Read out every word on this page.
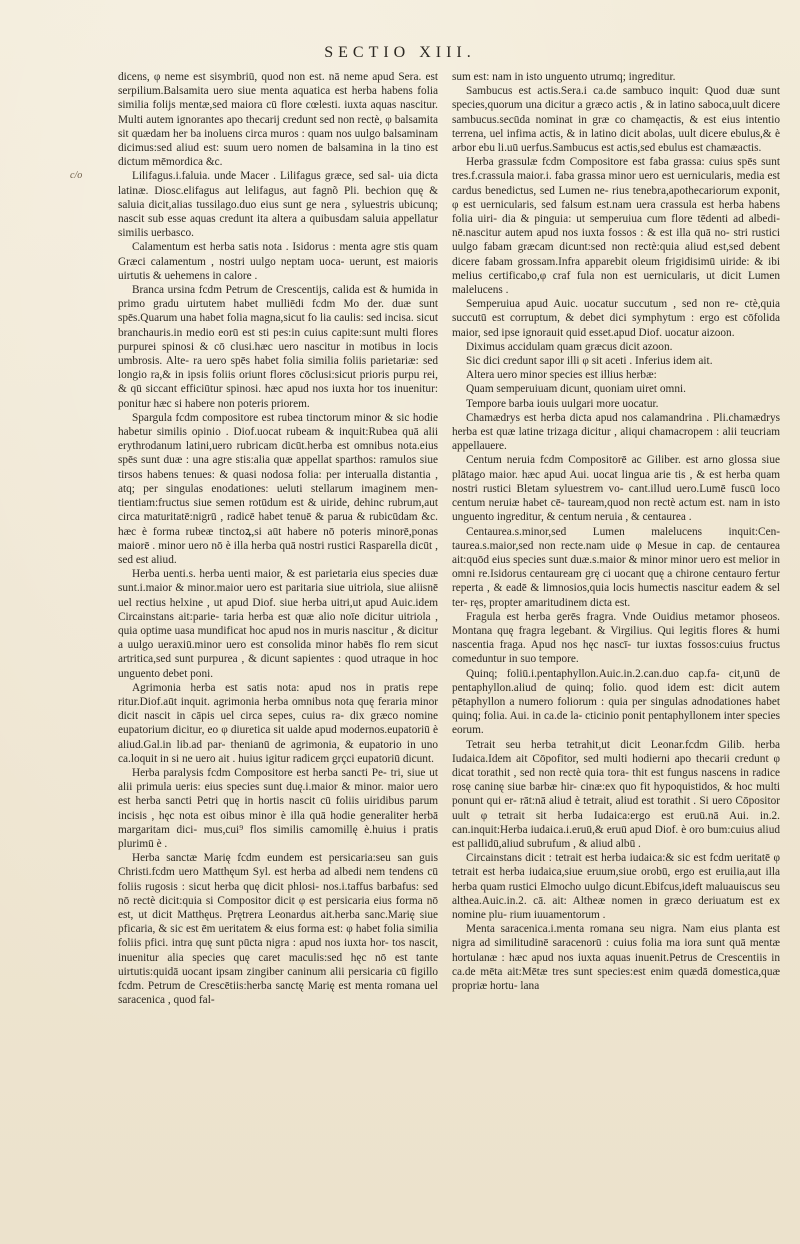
SECTIO XIII.
c/o

dicens, φ neme est sisymbriū, quod non est. nā neme apud Sera. est serpilium.Balsamita uero siue menta aquatica est herba habens folia similia folijs mentæ,sed maiora cū flore cœlesti. iuxta aquas nascitur. Multi autem ignorantes apo thecarij credunt sed non rectè, φ balsamita sit quædam her ba inoluens circa muros : quam nos uulgo balsaminam dicimus:sed aliud est: suum uero nomen de balsamina in la tino est dictum mēmordica &c.

Lilifagus.i.faluia. unde Macer . Lilifagus græce, sed sal- uia dicta latinæ. Diosc.elifagus aut lelifagus, aut fagnõ Pli. bechion quę & saluia dicit,alias tussilago.duo eius sunt ge nera , syluestris ubicunq; nascit sub esse aquas credunt ita altera a quibusdam saluia appellatur similis uerbasco.

Calamentum est herba satis nota . Isidorus : menta agre stis quam Græci calamentum , nostri uulgo neptam uoca- uerunt, est maioris uirtutis & uehemens in calore .

Branca ursina fcdm Petrum de Crescentijs, calida est & humida in primo gradu uirtutem habet mulliēdi fcdm Mo der. duæ sunt spēs.Quarum una habet folia magna,sicut fo lia caulis: sed incisa. sicut branchauris.in medio eorū est sti pes:in cuius capite:sunt multi flores purpurei spinosi & cō clusi.hæc uero nascitur in motibus in locis umbrosis. Alte- ra uero spēs habet folia similia foliis parietariæ: sed longio ra,& in ipsis foliis oriunt flores cōclusi:sicut prioris purpu rei, & qū siccant efficiūtur spinosi. hæc apud nos iuxta hor tos inuenitur: ponitur hæc si habere non poteris priorem.

Spargula fcdm compositore est rubea tinctorum minor & sic hodie habetur similis opinio . Diof.uocat rubeam & inquit:Rubea quā alii erythrodanum latini,uero rubricam dicūt.herba est omnibus nota.eius spēs sunt duæ : una agre stis:alia quæ appellat sparthos: ramulos siue tirsos habens tenues: & quasi nodosa folia: per interualla distantia , atq; per singulas enodationes: ueluti stellarum imaginem men- tientiam:fructus siue semen rotūdum est & uiride, dehinc rubrum,aut circa maturitatē:nigrū , radicē habet tenuē & parua & rubicūdam &c. hæc è forma rubeæ tinctoꝝ,si aūt habere nō poteris minorē,ponas maiorē . minor uero nō è illa herba quā nostri rustici Rasparella dicūt , sed est aliud.

Herba uenti.s. herba uenti maior, & est parietaria eius species duæ sunt.i.maior & minor.maior uero est paritaria siue uitriola, siue aliisnē uel rectius helxine , ut apud Diof. siue herba uitri,ut apud Auic.idem Circainstans ait:parie- taria herba est quæ alio noīe dicitur uitriola , quia optime uasa mundificat hoc apud nos in muris nascitur , & dicitur a uulgo ueraxiū.minor uero est consolida minor habēs flo rem sicut artritica,sed sunt purpurea , & dicunt sapientes : quod utraque in hoc unguento debet poni.

Agrimonia herba est satis nota: apud nos in pratis repe ritur.Diof.aūt inquit. agrimonia herba omnibus nota quę feraria minor dicit nascit in cāpis uel circa sepes, cuius ra- dix græco nomine eupatorium dicitur, eo φ diuretica sit ualde apud modernos.eupatoriū è aliud.Gal.in lib.ad par- thenianū de agrimonia, & eupatorio in uno ca.loquit in si ne uero ait . huius igitur radicem grçci eupatoriū dicunt.

Herba paralysis fcdm Compositore est herba sancti Pe- tri, siue ut alii primula ueris: eius species sunt duę.i.maior & minor. maior uero est herba sancti Petri quę in hortis nascit cū foliis uiridibus parum incisis , hęc nota est oibus minor è illa quā hodie generaliter herbā margaritam dici- mus,cui⁹ flos similis camomillę è.huius i pratis plurimū è .

Herba sanctæ Marię fcdm eundem est persicaria:seu san guis Christi.fcdm uero Matthęum Syl. est herba ad albedi nem tendens cū foliis rugosis : sicut herba quę dicit phlosi- nos.i.taffus barbafus: sed nō rectè dicit:quia si Compositor dicit φ est persicaria eius forma nō est, ut dicit Matthęus. Prętrera Leonardus ait.herba sanc.Marię siue pficaria, & sic est ēm ueritatem & eius forma est: φ habet folia similia foliis pfici. intra quę sunt pūcta nigra : apud nos iuxta hor- tos nascit, inuenitur alia species quę caret maculis:sed hęc nō est tante uirtutis:quidā uocant ipsam zingiber caninum alii persicaria cū figillo fcdm. Petrum de Crescētiis:herba sanctę Marię est menta romana uel saracenica , quod fal-

sum est: nam in isto unguento utrumq; ingreditur.

Sambucus est actis.Sera.i ca.de sambuco inquit: Quod duæ sunt species,quorum una dicitur a græco actis , & in latino saboca,uult dicere sambucus.secūda nominat in græ co chamęactis, & est eius intentio terrena, uel infima actis, & in latino dicit abolas, uult dicere ebulus,& è arbor ebu li.uū uerfus.Sambucus est actis,sed ebulus est chamæactis.

Herba grassulæ fcdm Compositore est faba grassa: cuius spēs sunt tres.f.crassula maior.i. faba grassa minor uero est uernicularis, media est cardus benedictus, sed Lumen ne- rius tenebra,apothecariorum exponit, φ est uernicularis, sed falsum est.nam uera crassula est herba habens folia uiri- dia & pinguia: ut semperuiua cum flore tēdenti ad albedi- nē.nascitur autem apud nos iuxta fossos : & est illa quā no- stri rustici uulgo fabam græcam dicunt:sed non rectè:quia aliud est,sed debent dicere fabam grossam.Infra apparebit oleum frigidisimū uiride: & ibi melius certificabo,φ craf fula non est uernicularis, ut dicit Lumen malelucens .

Semperuiua apud Auic. uocatur succutum , sed non re- ctè,quia succutū est corruptum, & debet dici symphytum : ergo est cōfolida maior, sed ipse ignorauit quid esset.apud Diof. uocatur aizoon.

Diximus accidulam quam græcus dicit azoon.

Sic dici credunt sapor illi φ sit aceti . Inferius idem ait.

Altera uero minor species est illius herbæ:

Quam semperuiuam dicunt, quoniam uiret omni.

Tempore barba iouis uulgari more uocatur.

Chamædrys est herba dicta apud nos calamandrina . Pli.chamædrys herba est quæ latine trizaga dicitur , aliqui chamacropem : alii teucriam appellauere.

Centum neruia fcdm Compositorē ac Giliber. est arno glossa siue plātago maior. hæc apud Aui. uocat lingua arie tis , & est herba quam nostri rustici Bletam syluestrem vo- cant.illud uero.Lumē fuscū loco centum neruiæ habet cē- tauream,quod non rectè actum est. nam in isto unguento ingreditur, & centum neruia , & centaurea .

Centaurea.s.minor,sed Lumen malelucens inquit:Cen- taurea.s.maior,sed non recte.nam uide φ Mesue in cap. de centaurea ait:quōd eius species sunt duæ.s.maior & minor minor uero est melior in omni re.Isidorus centauream grę ci uocant quę a chirone centauro fertur reperta , & eadē & limnosios,quia locis humectis nascitur eadem & sel ter- ręs, propter amaritudinem dicta est.

Fragula est herba gerēs fragra. Vnde Ouidius metamor phoseos. Montana quę fragra legebant. & Virgilius. Qui legitis flores & humi nascentia fraga. Apud nos hęc nascī- tur iuxtas fossos:cuius fructus comeduntur in suo tempore.

Quinq; foliū.i.pentaphyllon.Auic.in.2.can.duo cap.fa- cit,unū de pentaphyllon.aliud de quinq; folio. quod idem est: dicit autem pētaphyllon a numero foliorum : quia per singulas adnodationes habet quinq; folia. Aui. in ca.de la- cticinio ponit pentaphyllonem inter species eorum.

Tetrait seu herba tetrahit,ut dicit Leonar.fcdm Gilib. herba Iudaica.Idem ait Cōpofitor, sed multi hodierni apo thecarii credunt φ dicat torathit , sed non rectè quia tora- thit est fungus nascens in radice rosę caninę siue barbæ hir- cinæ:ex quo fit hypoquistidos, & hoc multi ponunt qui er- rāt:nā aliud è tetrait, aliud est torathit . Si uero Cōpositor uult φ tetrait sit herba Iudaica:ergo est eruū.nā Aui. in.2. can.inquit:Herba iudaica.i.eruū,& eruū apud Diof. è oro bum:cuius aliud est pallidū,aliud subrufum , & aliud albū .

Circainstans dicit : tetrait est herba iudaica:& sic est fcdm ueritatē φ tetrait est herba iudaica,siue eruum,siue orobū, ergo est eruilia,aut illa herba quam rustici Elmocho uulgo dicunt.Ebifcus,ideft maluauiscus seu althea.Auic.in.2. cā. ait: Altheæ nomen in græco deriuatum est ex nomine plu- rium iuuamentorum .

Menta saracenica.i.menta romana seu nigra. Nam eius planta est nigra ad similitudinē saracenorū : cuius folia ma iora sunt quā mentæ hortulanæ : hæc apud nos iuxta aquas inuenit.Petrus de Crescentiis in ca.de mēta ait:Mētæ tres sunt species:est enim quædā domestica,quæ propriæ hortu- lana
